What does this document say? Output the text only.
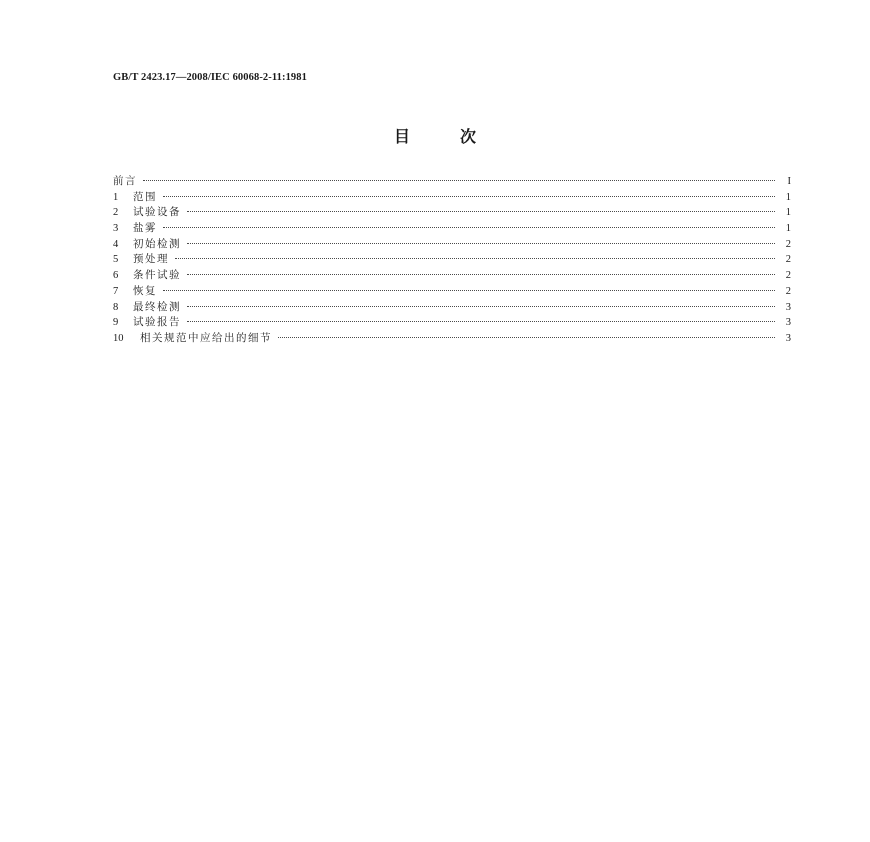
GB/T 2423.17—2008/IEC 60068-2-11:1981
目	次
前言	I
1	范围	1
2	试验设备	1
3	盐雾	1
4	初始检测	2
5	预处理	2
6	条件试验	2
7	恢复	2
8	最终检测	3
9	试验报告	3
10	相关规范中应给出的细节	3
